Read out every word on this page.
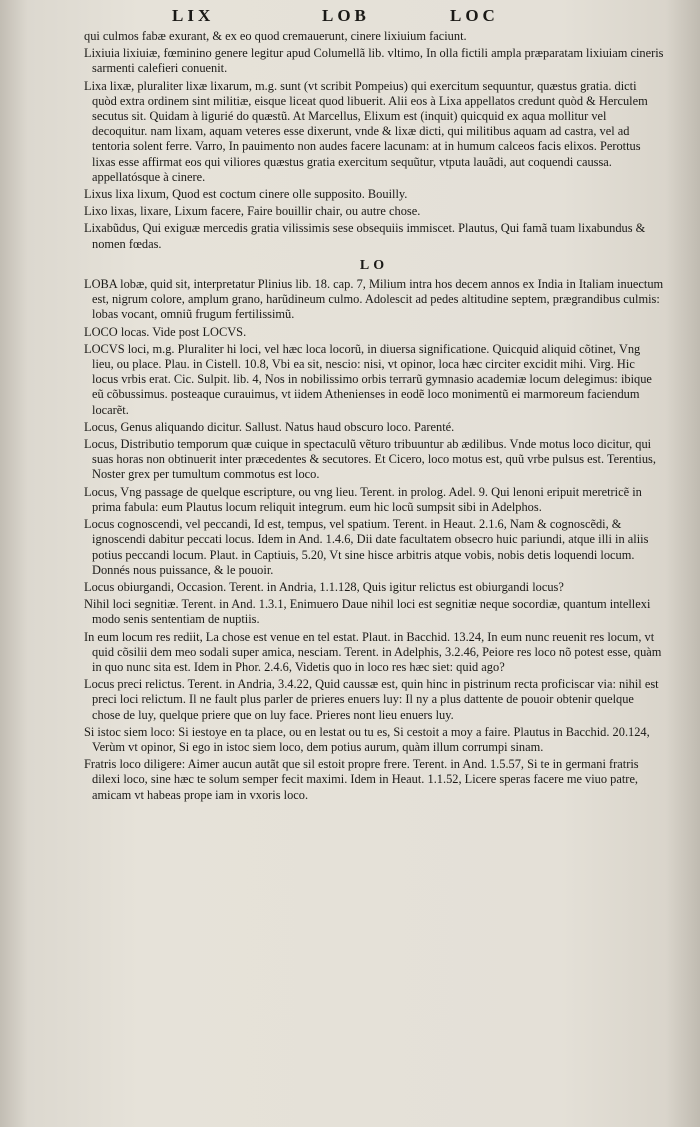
LIX	LOB	LOC

qui culmos fabæ exurant, & ex eo quod cremauerunt, cinere lixiuium faciunt.

Lixiuia lixiuiæ, fœminino genere legitur apud Columellã lib. vltimo, In olla fictili ampla præparatam lixiuiam cineris sarmenti calefieri conuenit.

Lixa lixæ, pluraliter lixæ lixarum, m.g. sunt (vt scribit Pompeius) qui exercitum sequuntur, quæstus gratia. dicti quòd extra ordinem sint militiæ, eisque liceat quod libuerit. Alii eos à Lixa appellatos credunt quòd & Herculem secutus sit. Quidam à ligurié do quæstũ. At Marcellus, Elixum est (inquit) quicquid ex aqua mollitur vel decoquitur. nam lixam, aquam veteres esse dixerunt, vnde & lixæ dicti, qui militibus aquam ad castra, vel ad tentoria solent ferre. Varro, In pauimento non audes facere lacunam: at in humum calceos facis elixos. Perottus lixas esse affirmat eos qui viliores quæstus gratia exercitum sequũtur, vtputa lauãdi, aut coquendi caussa. appellatósque à cinere.

Lixus lixa lixum, Quod est coctum cinere olle supposito. Bouilly.

Lixo lixas, lixare, Lixum facere, Faire bouillir chair, ou autre chose.

Lixabũdus, Qui exiguæ mercedis gratia vilissimis sese obsequiis immiscet. Plautus, Qui famã tuam lixabundus & nomen fœdas.

LO

LOBA lobæ, quid sit, interpretatur Plinius lib. 18. cap. 7, Milium intra hos decem annos ex India in Italiam inuectum est, nigrum colore, amplum grano, harũdineum culmo. Adolescit ad pedes altitudine septem, prægrandibus culmis: lobas vocant, omniũ frugum fertilissimũ.

LOCO locas. Vide post LOCVS.

LOCVS loci, m.g. Pluraliter hi loci, vel hæc loca locorũ, in diuersa significatione. Quicquid aliquid cõtinet, Vng lieu, ou place. Plau. in Cistell. 10.8, Vbi ea sit, nescio: nisi, vt opinor, loca hæc circiter excidit mihi. Virg. Hic locus vrbis erat. Cic. Sulpit. lib. 4, Nos in nobilissimo orbis terrarũ gymnasio academiæ locum delegimus: ibique eũ cõbussimus. posteaque curauimus, vt iidem Athenienses in eodẽ loco monimentũ ei marmoreum faciendum locarẽt.

Locus, Genus aliquando dicitur. Sallust. Natus haud obscuro loco. Parenté.

Locus, Distributio temporum quæ cuique in spectaculũ vẽturo tribuuntur ab ædilibus. Vnde motus loco dicitur, qui suas horas non obtinuerit inter præcedentes & secutores. Et Cicero, loco motus est, quũ vrbe pulsus est. Terentius, Noster grex per tumultum commotus est loco.

Locus, Vng passage de quelque escripture, ou vng lieu. Terent. in prolog. Adel. 9. Qui lenoni eripuit meretricẽ in prima fabula: eum Plautus locum reliquit integrum. eum hic locũ sumpsit sibi in Adelphos.

Locus cognoscendi, vel peccandi, Id est, tempus, vel spatium. Terent. in Heaut. 2.1.6, Nam & cognoscẽdi, & ignoscendi dabitur peccati locus. Idem in And. 1.4.6, Dii date facultatem obsecro huic pariundi, atque illi in aliis potius peccandi locum. Plaut. in Captiuis, 5.20, Vt sine hisce arbitris atque vobis, nobis detis loquendi locum. Donnés nous puissance, & le pouoir.

Locus obiurgandi, Occasion. Terent. in Andria, 1.1.128, Quis igitur relictus est obiurgandi locus?

Nihil loci segnitiæ. Terent. in And. 1.3.1, Enimuero Daue nihil loci est segnitiæ neque socordiæ, quantum intellexi modo senis sententiam de nuptiis.

In eum locum res rediit, La chose est venue en tel estat. Plaut. in Bacchid. 13.24, In eum nunc reuenit res locum, vt quid cõsilii dem meo sodali super amica, nesciam. Terent. in Adelphis, 3.2.46, Peiore res loco nõ potest esse, quàm in quo nunc sita est. Idem in Phor. 2.4.6, Videtis quo in loco res hæc siet: quid ago?

Locus preci relictus. Terent. in Andria, 3.4.22, Quid caussæ est, quin hinc in pistrinum recta proficiscar via: nihil est preci loci relictum. Il ne fault plus parler de prieres enuers luy: Il ny a plus dattente de pouoir obtenir quelque chose de luy, quelque priere que on luy face. Prieres nont lieu enuers luy.

Si istoc siem loco: Si iestoye en ta place, ou en lestat ou tu es, Si cestoit a moy a faire. Plautus in Bacchid. 20.124, Verùm vt opinor, Si ego in istoc siem loco, dem potius aurum, quàm illum corrumpi sinam.

Fratris loco diligere: Aimer aucun autãt que sil estoit propre frere. Terent. in And. 1.5.57, Si te in germani fratris dilexi loco, sine hæc te solum semper fecit maximi. Idem in Heaut. 1.1.52, Licere speras facere me viuo patre, amicam vt habeas prope iam in vxoris loco.
